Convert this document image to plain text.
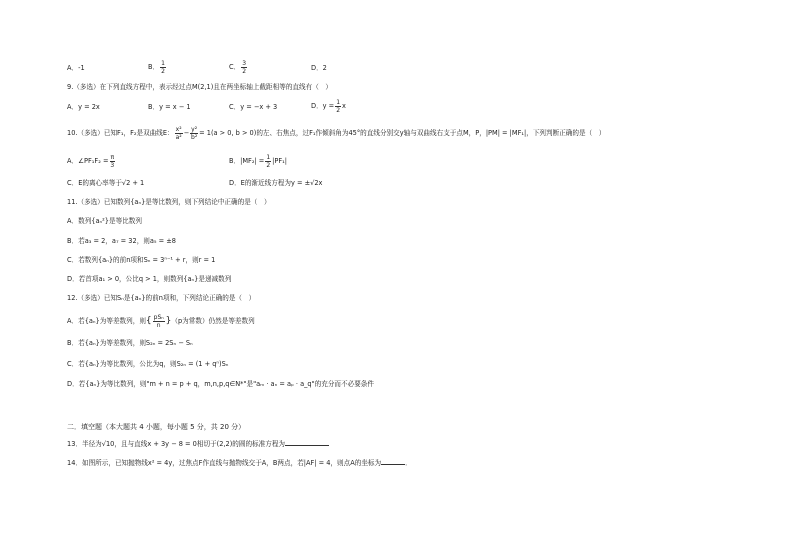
A．-1	B． $\frac{1}{2}$	C． $\frac{3}{2}$	D．2
9.（多选）在下列直线方程中，表示经过点M(2,1)且在两坐标轴上截距相等的直线有（　）
A．y = 2x	B．y = x − 1	C．y = −x + 3	D．$y = \frac{1}{2}$ x
10.（多选）已知F₁，F₂是双曲线E： $\frac{\text{x²}}{\text{a²}} - \frac{\text{y²}}{\text{b²}} = 1(a > 0$, b > 0)的左、右焦点，过F₁作倾斜角为45°的直线分别交y轴与双曲线右支于点M，P，|PM| = |MF₁|，下列判断正确的是（　）
A．∠PF₁F₂ = $\frac{\pi}{3}$	B．$|MF_2| = \frac{1}{2} |PF_1|$
C．E的离心率等于√2 + 1	D．E的渐近线方程为y = ±√2x
11.（多选）已知数列{aₙ}是等比数列，则下列结论中正确的是（　）
A．数列{aₙ²}是等比数列
B．若a₃ = 2，a₇ = 32，则a₅ = ±8
C．若数列{aₙ}的前n项和Sₙ = 3ⁿ⁻¹ + r，则r = 1
D．若首项a₁ > 0，公比q > 1，则数列{aₙ}是递减数列
12.（多选）已知Sₙ是{aₙ}的前n项和，下列结论正确的是（　）
A．若{aₙ}为等差数列，则{ $\frac{\text{pSₙ}}{n} \}(p$为常数）仍然是等差数列
B．若{aₙ}为等差数列，则S₂ₙ = 2Sₙ − Sₙ
C．若{aₙ}为等比数列，公比为q，则S₂ₙ = (1 + qⁿ)Sₙ
D．若{aₙ}为等比数列，则"m + n = p + q，m,n,p,q∈N*"是"aₘ · aₙ = aₚ · a_q"的充分而不必要条件
二．填空题（本大题共 4 小题，每小题 5 分，共 20 分）
13．半径为√10，且与直线x + 3y − 8 = 0相切于(2,2)的圆的标准方程为
14．如图所示，已知抛物线x² = 4y，过焦点F作直线与抛物线交于A，B两点，若|AF| = 4，则点A的坐标为	．
